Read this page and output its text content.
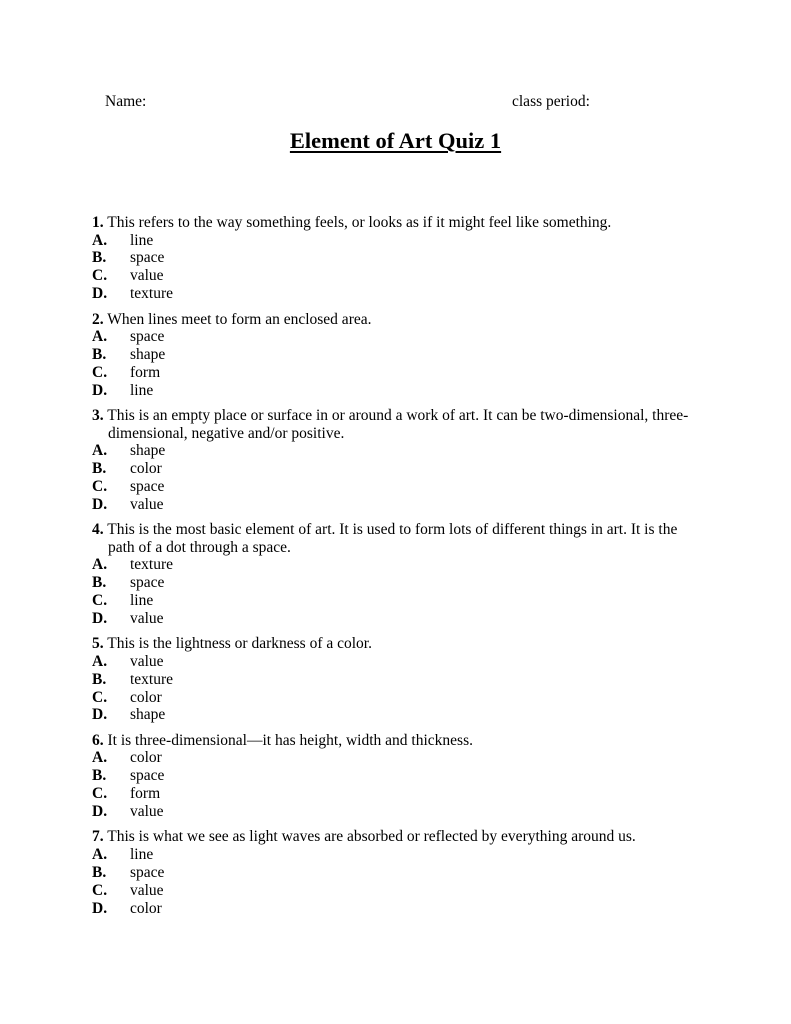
Name:	class period:
Element of Art Quiz 1
1. This refers to the way something feels, or looks as if it might feel like something.
A. line
B. space
C. value
D. texture
2. When lines meet to form an enclosed area.
A. space
B. shape
C. form
D. line
3. This is an empty place or surface in or around a work of art. It can be two-dimensional, three-dimensional, negative and/or positive.
A. shape
B. color
C. space
D. value
4. This is the most basic element of art. It is used to form lots of different things in art. It is the path of a dot through a space.
A. texture
B. space
C. line
D. value
5. This is the lightness or darkness of a color.
A. value
B. texture
C. color
D. shape
6. It is three-dimensional—it has height, width and thickness.
A. color
B. space
C. form
D. value
7. This is what we see as light waves are absorbed or reflected by everything around us.
A. line
B. space
C. value
D. color
